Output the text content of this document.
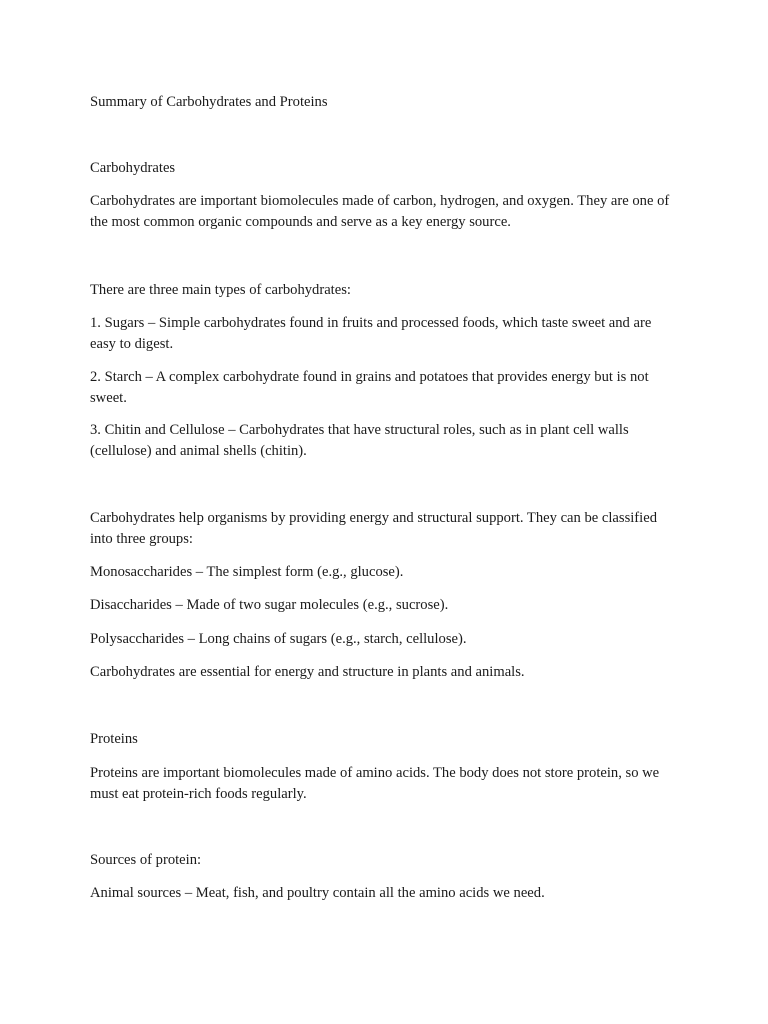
Summary of Carbohydrates and Proteins

Carbohydrates

Carbohydrates are important biomolecules made of carbon, hydrogen, and oxygen. They are one of the most common organic compounds and serve as a key energy source.

There are three main types of carbohydrates:

1. Sugars – Simple carbohydrates found in fruits and processed foods, which taste sweet and are easy to digest.

2. Starch – A complex carbohydrate found in grains and potatoes that provides energy but is not sweet.

3. Chitin and Cellulose – Carbohydrates that have structural roles, such as in plant cell walls (cellulose) and animal shells (chitin).

Carbohydrates help organisms by providing energy and structural support. They can be classified into three groups:

Monosaccharides – The simplest form (e.g., glucose).

Disaccharides – Made of two sugar molecules (e.g., sucrose).

Polysaccharides – Long chains of sugars (e.g., starch, cellulose).

Carbohydrates are essential for energy and structure in plants and animals.

Proteins

Proteins are important biomolecules made of amino acids. The body does not store protein, so we must eat protein-rich foods regularly.

Sources of protein:

Animal sources – Meat, fish, and poultry contain all the amino acids we need.
